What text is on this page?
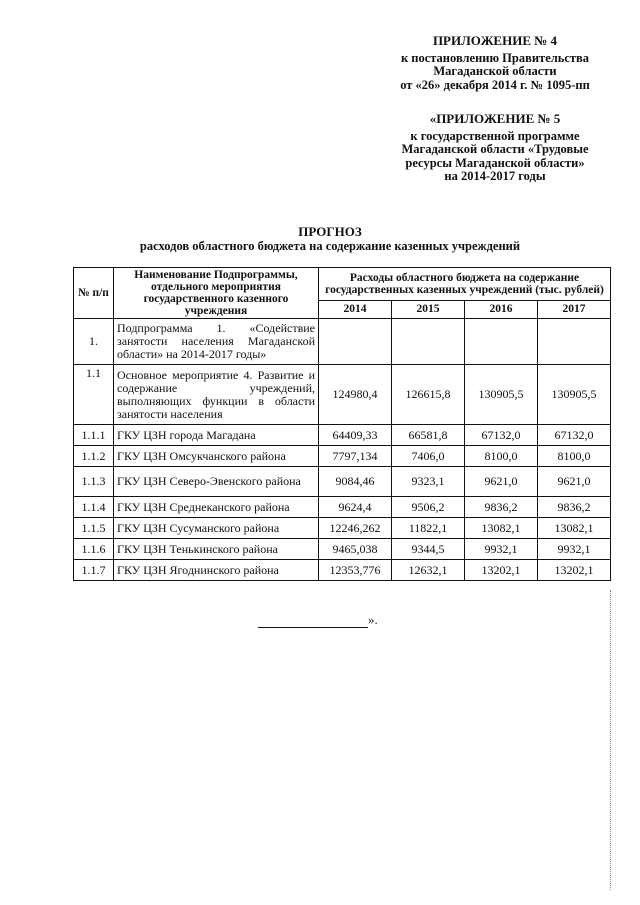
ПРИЛОЖЕНИЕ № 4
к постановлению Правительства
Магаданской области
от «26» декабря 2014 г. № 1095-пп
«ПРИЛОЖЕНИЕ № 5
к государственной программе
Магаданской области «Трудовые
ресурсы Магаданской области»
на 2014-2017 годы
ПРОГНОЗ
расходов областного бюджета на содержание казенных учреждений
№ п/п	Наименование Подпрограммы, отдельного мероприятия государственного казенного учреждения	Расходы областного бюджета на содержание государственных казенных учреждений (тыс. рублей)			
		2014	2015	2016	2017
1.	Подпрограмма 1. «Содействие занятости населения Магаданской области» на 2014-2017 годы»				
1.1	Основное мероприятие 4. Развитие и содержание учреждений, выполняющих функции в области занятости населения	124980,4	126615,8	130905,5	130905,5
1.1.1	ГКУ ЦЗН города Магадана	64409,33	66581,8	67132,0	67132,0
1.1.2	ГКУ ЦЗН Омсукчанского района	7797,134	7406,0	8100,0	8100,0
1.1.3	ГКУ ЦЗН Северо-Эвенского района	9084,46	9323,1	9621,0	9621,0
1.1.4	ГКУ ЦЗН Среднеканского района	9624,4	9506,2	9836,2	9836,2
1.1.5	ГКУ ЦЗН Сусуманского района	12246,262	11822,1	13082,1	13082,1
1.1.6	ГКУ ЦЗН Тенькинского района	9465,038	9344,5	9932,1	9932,1
1.1.7	ГКУ ЦЗН Ягоднинского района	12353,776	12632,1	13202,1	13202,1
».
